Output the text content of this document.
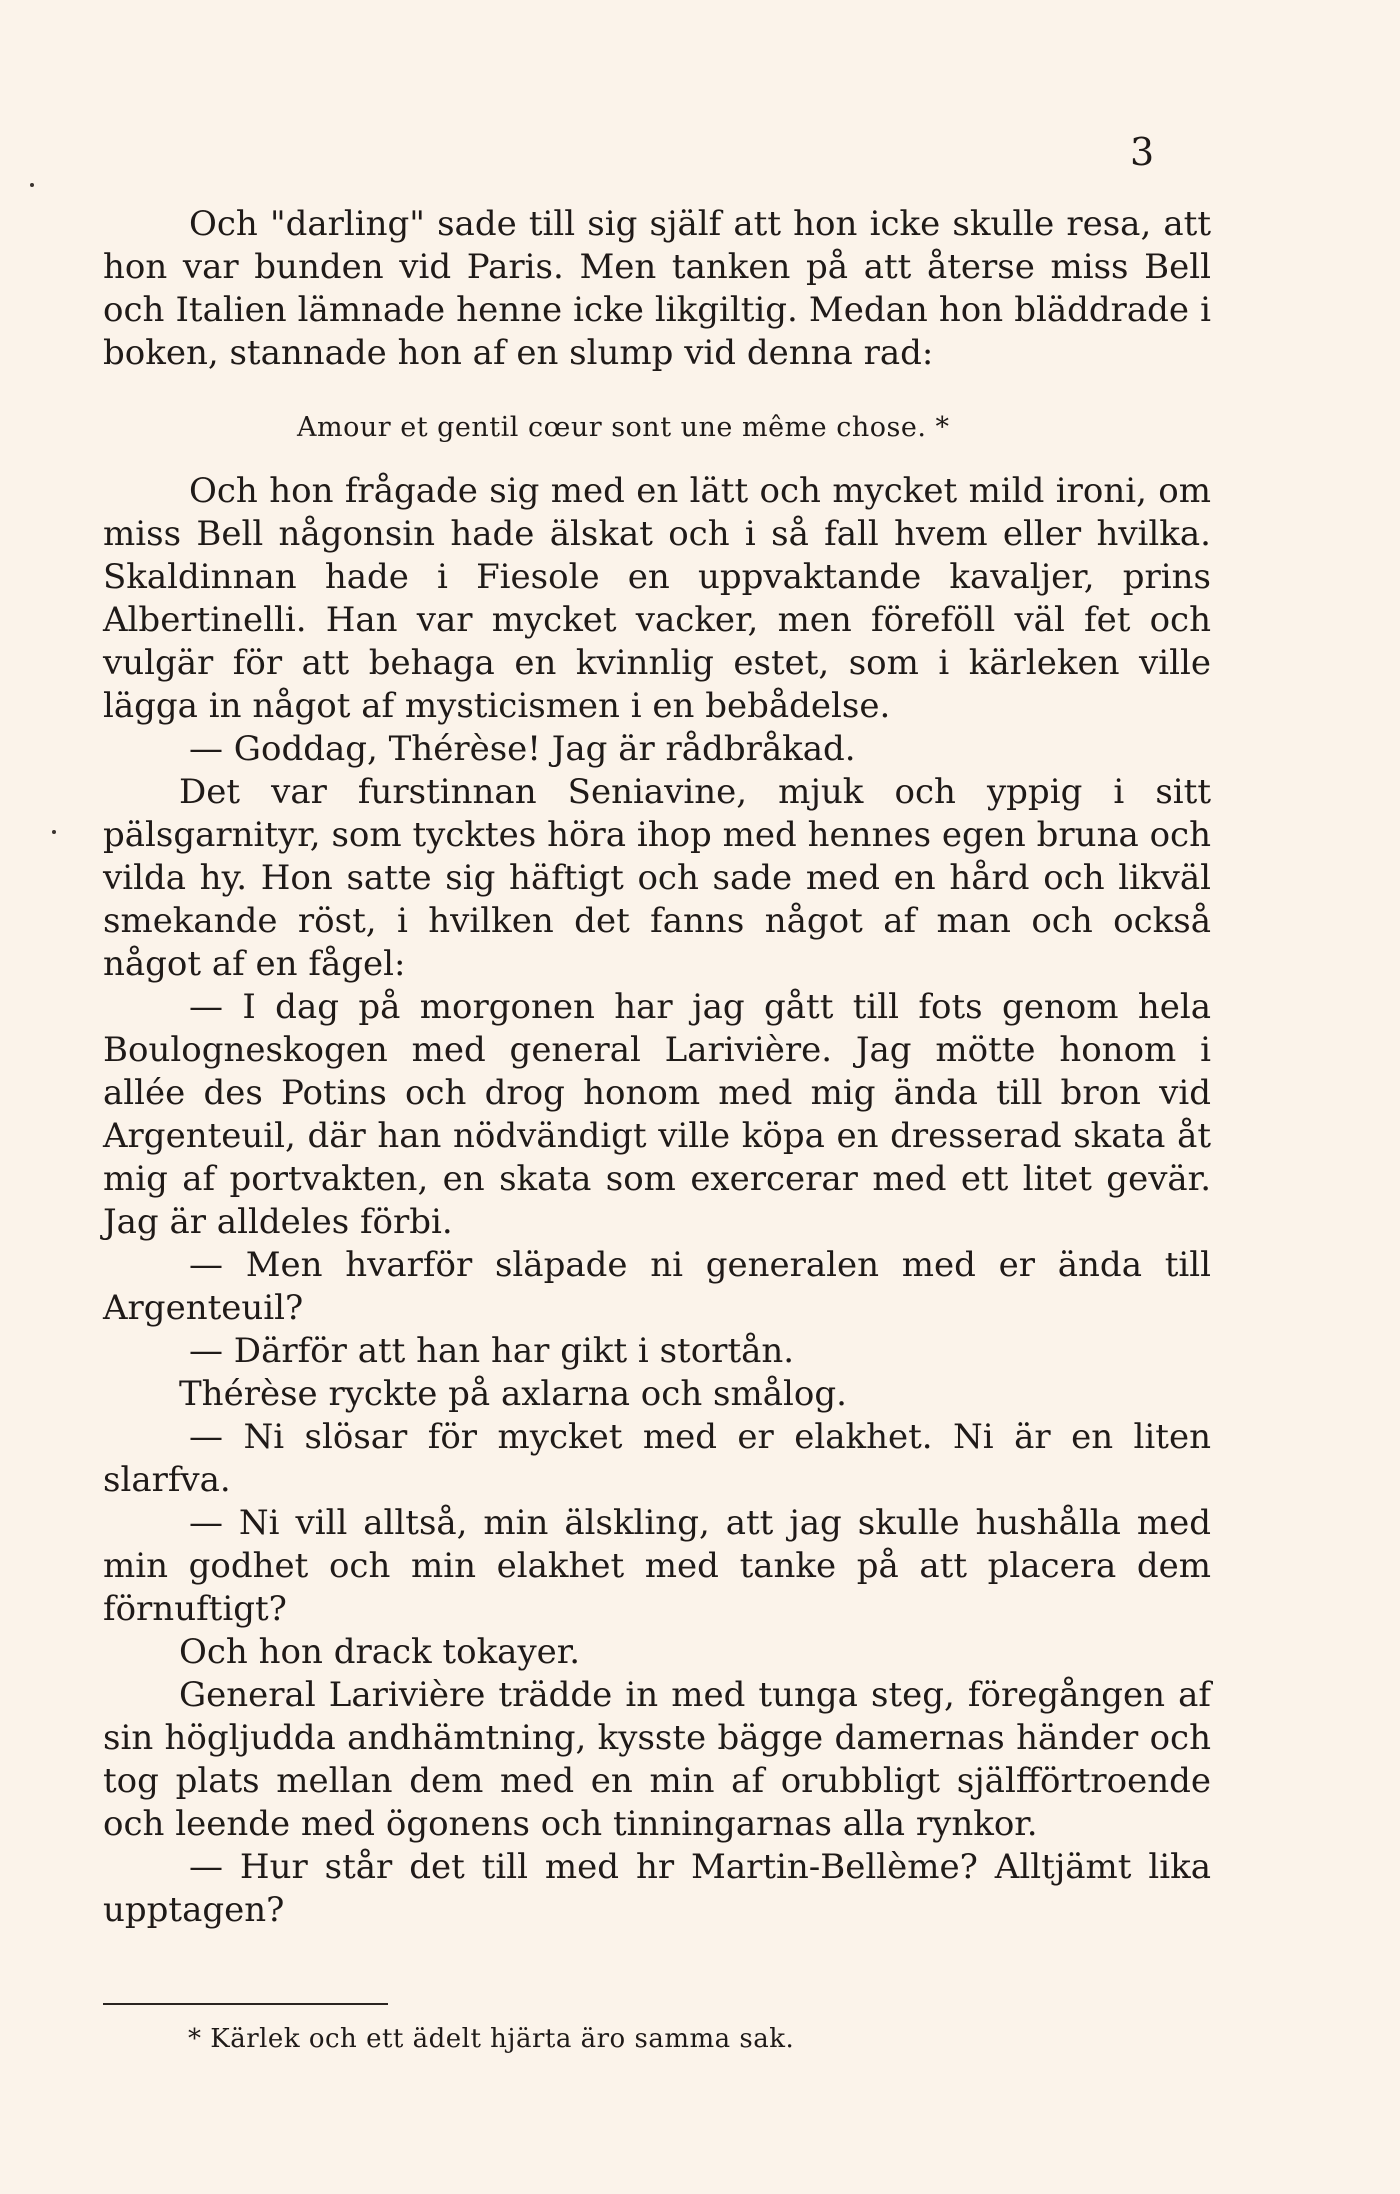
3

Och "darling" sade till sig själf att hon icke skulle resa, att hon var bunden vid Paris. Men tanken på att återse miss Bell och Italien lämnade henne icke likgiltig. Medan hon bläddrade i boken, stannade hon af en slump vid denna rad:

Amour et gentil cœur sont une même chose. *

Och hon frågade sig med en lätt och mycket mild ironi, om miss Bell någonsin hade älskat och i så fall hvem eller hvilka. Skaldinnan hade i Fiesole en uppvaktande kavaljer, prins Albertinelli. Han var mycket vacker, men föreföll väl fet och vulgär för att behaga en kvinnlig estet, som i kärleken ville lägga in något af mysticismen i en bebådelse.

— Goddag, Thérèse! Jag är rådbråkad.

Det var furstinnan Seniavine, mjuk och yppig i sitt pälsgarnityr, som tycktes höra ihop med hennes egen bruna och vilda hy. Hon satte sig häftigt och sade med en hård och likväl smekande röst, i hvilken det fanns något af man och också något af en fågel:

— I dag på morgonen har jag gått till fots genom hela Boulogneskogen med general Larivière. Jag mötte honom i allée des Potins och drog honom med mig ända till bron vid Argenteuil, där han nödvändigt ville köpa en dresserad skata åt mig af portvakten, en skata som exercerar med ett litet gevär. Jag är alldeles förbi.

— Men hvarför släpade ni generalen med er ända till Argenteuil?

— Därför att han har gikt i stortån.

Thérèse ryckte på axlarna och smålog.

— Ni slösar för mycket med er elakhet. Ni är en liten slarfva.

— Ni vill alltså, min älskling, att jag skulle hushålla med min godhet och min elakhet med tanke på att placera dem förnuftigt?

Och hon drack tokayer.

General Larivière trädde in med tunga steg, föregången af sin högljudda andhämtning, kysste bägge damernas händer och tog plats mellan dem med en min af orubbligt själfförtroende och leende med ögonens och tinningarnas alla rynkor.

— Hur står det till med hr Martin-Bellème? Alltjämt lika upptagen?

* Kärlek och ett ädelt hjärta äro samma sak.
